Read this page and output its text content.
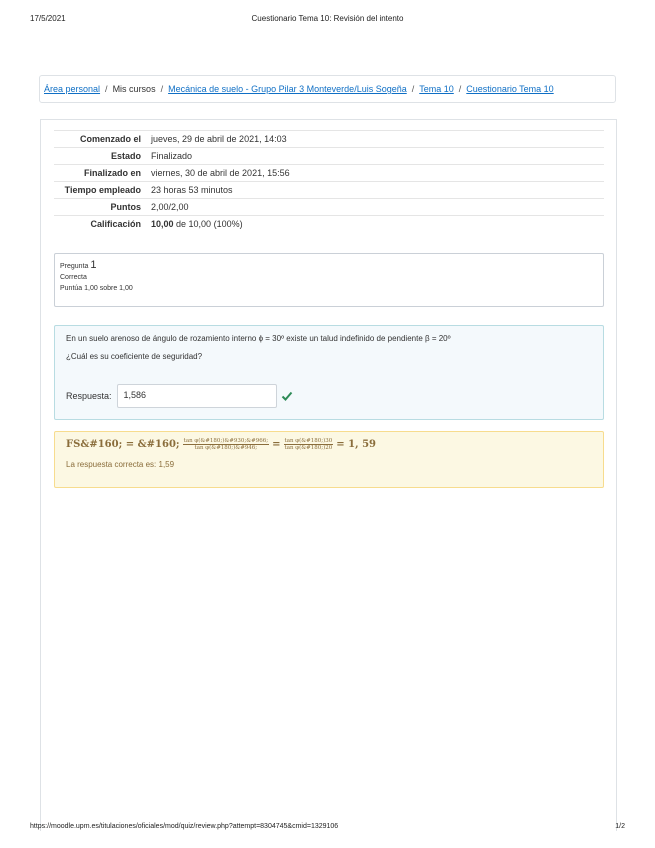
17/5/2021	Cuestionario Tema 10: Revisión del intento
Área personal / Mis cursos / Mecánica de suelo - Grupo Pilar 3 Monteverde/Luis Sogeña / Tema 10 / Cuestionario Tema 10
Comenzado el	jueves, 29 de abril de 2021, 14:03
Estado	Finalizado
Finalizado en	viernes, 30 de abril de 2021, 15:56
Tiempo empleado	23 horas 53 minutos
Puntos	2,00/2,00
Calificación	10,00 de 10,00 (100%)
Pregunta 1
Correcta
Puntúa 1,00 sobre 1,00
En un suelo arenoso de ángulo de rozamiento interno ϕ = 30º existe un talud indefinido de pendiente β = 20º
¿Cuál es su coeficiente de seguridad?
Respuesta:	1,586
FS&#160; = &#160; $\frac{\text{tan φ(\&\#180;)\&\#930;\&\#966;}}{\text{tan φ(\&\#180;)\&\#946;}} = \frac{\text{tan φ(\&\#180;)30}}{\text{tan φ(\&\#180;)20}} = 1$, 59
La respuesta correcta es: 1,59
https://moodle.upm.es/titulaciones/oficiales/mod/quiz/review.php?attempt=8304745&cmid=1329106	1/2
